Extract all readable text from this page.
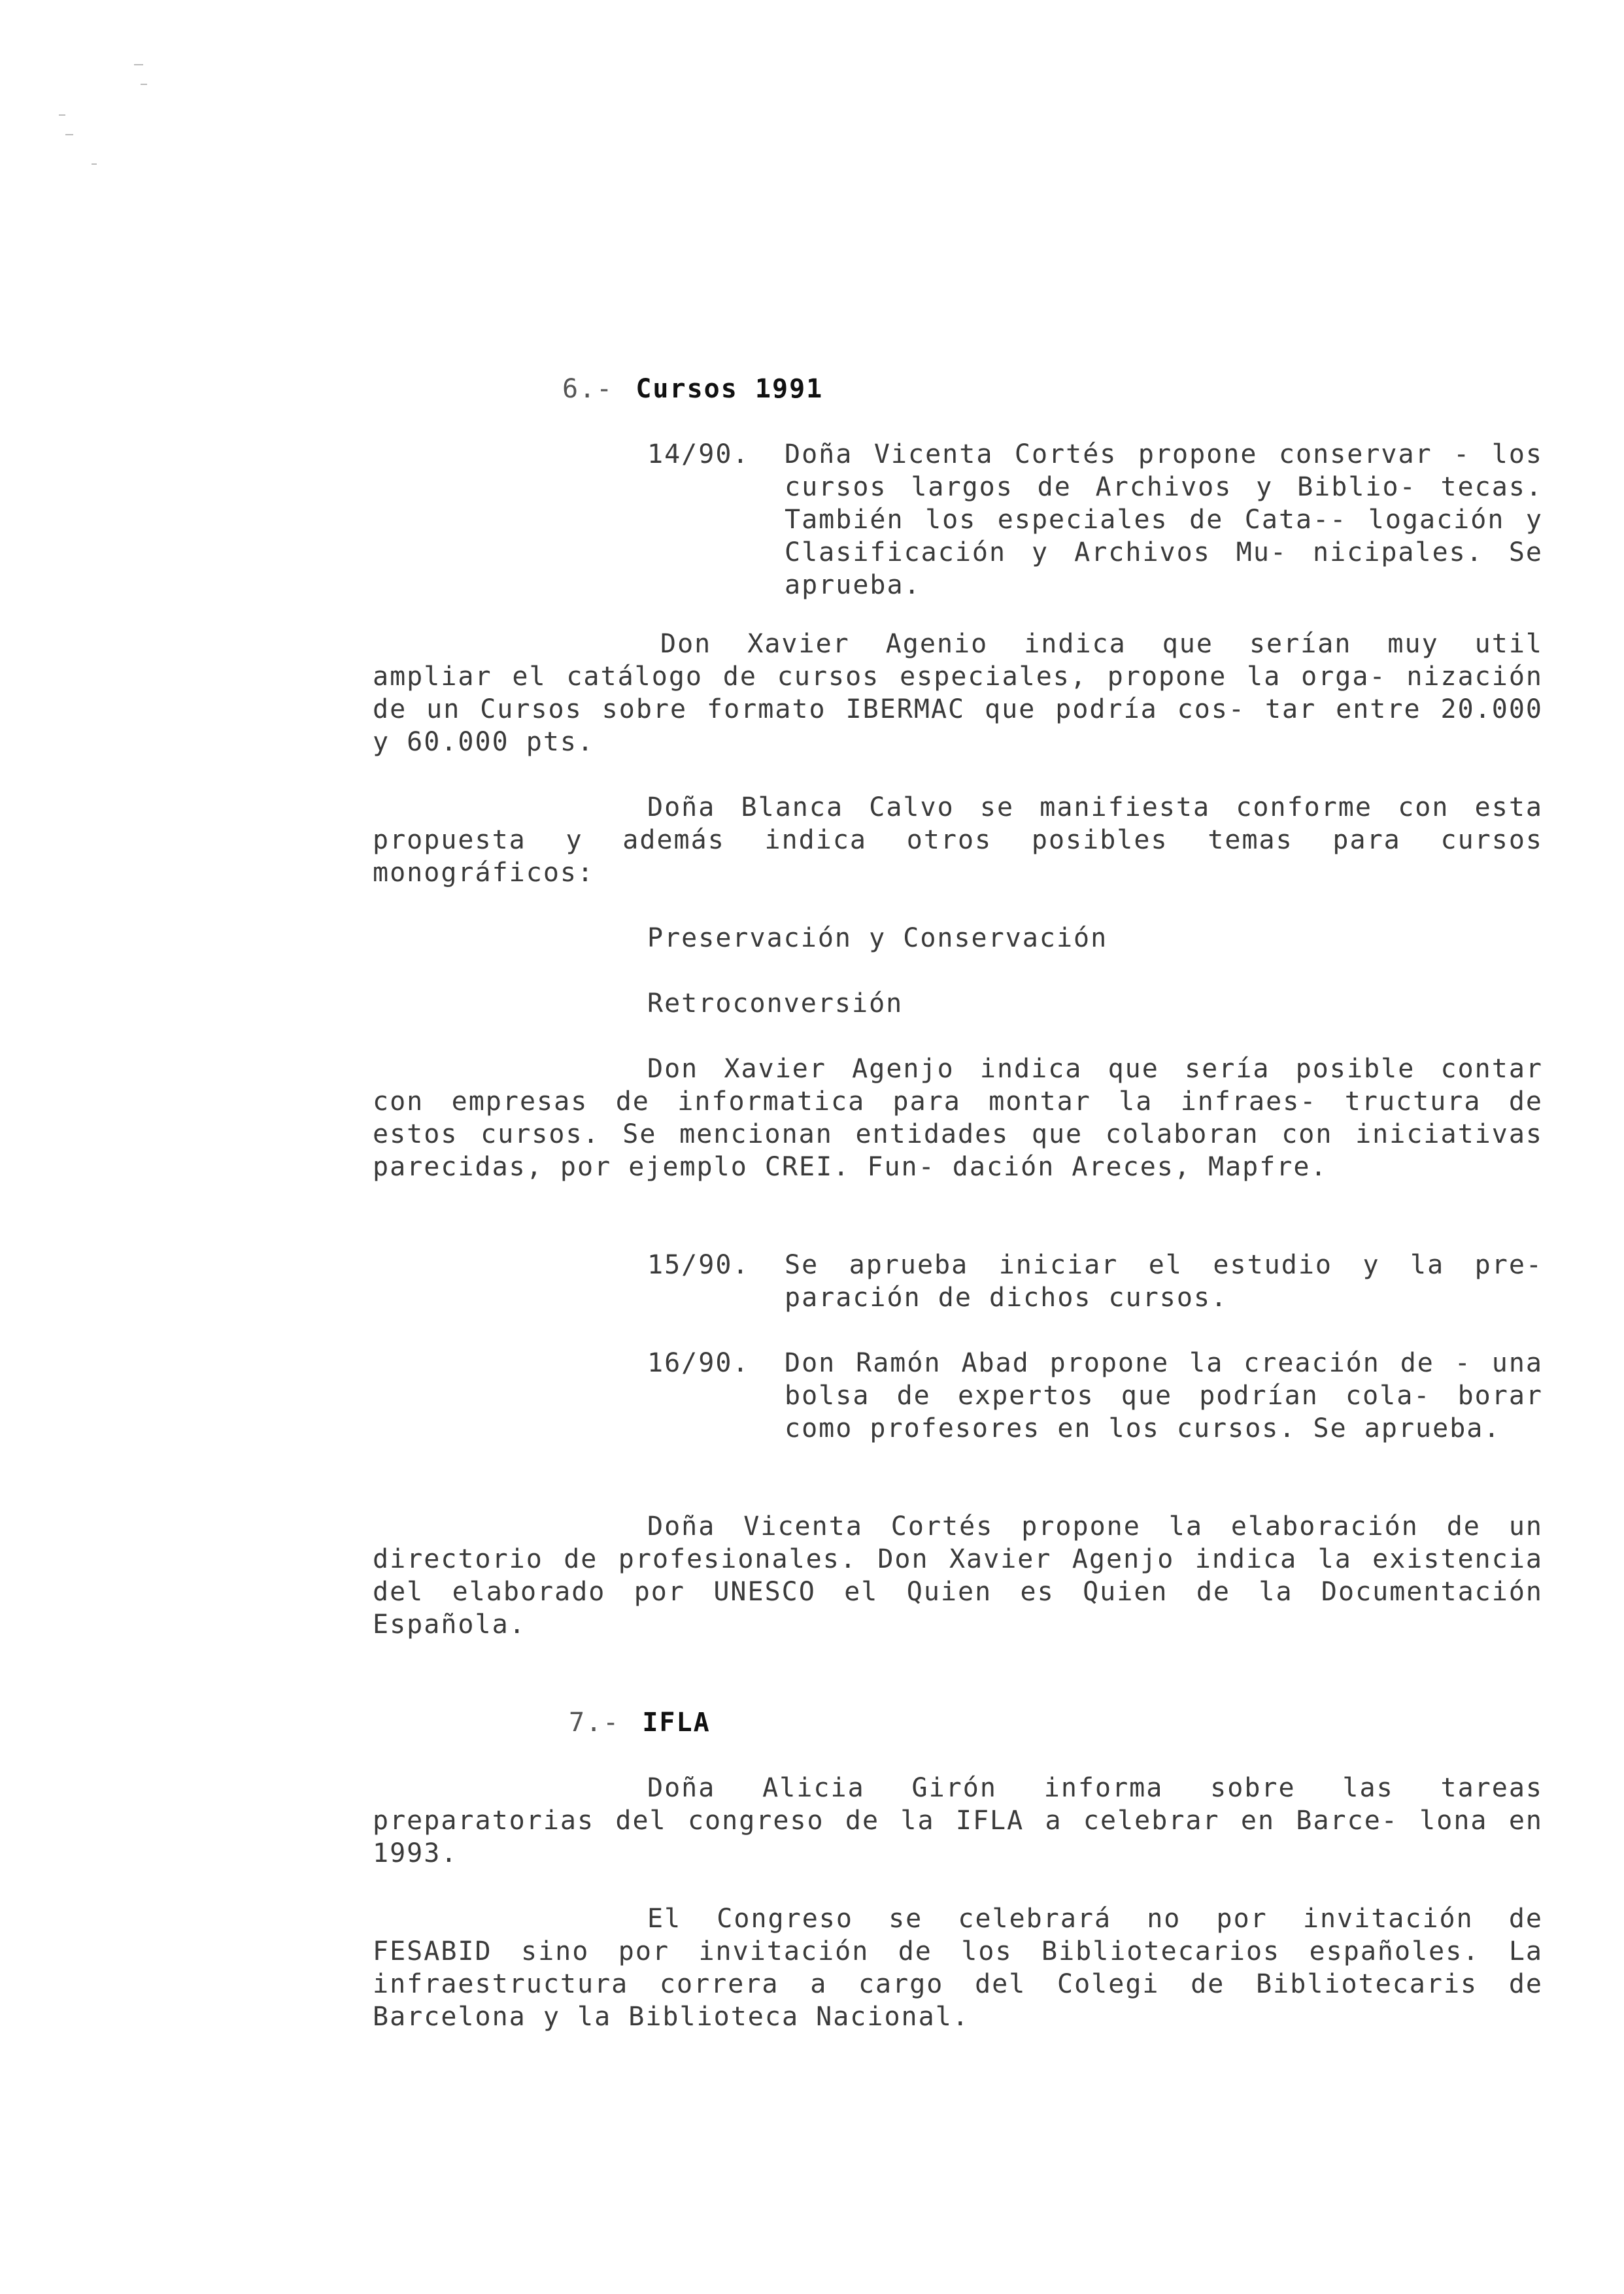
6.- Cursos 1991
14/90. Doña Vicenta Cortés propone conservar - los cursos largos de Archivos y Biblio- tecas. También los especiales de Cata-- logación y Clasificación y Archivos Mu- nicipales. Se aprueba.
Don Xavier Agenio indica que serían muy util ampliar el catálogo de cursos especiales, propone la orga- nización de un Cursos sobre formato IBERMAC que podría cos- tar entre 20.000 y 60.000 pts.
Doña Blanca Calvo se manifiesta conforme con esta propuesta y además indica otros posibles temas para cursos monográficos:
Preservación y Conservación
Retroconversión
Don Xavier Agenjo indica que sería posible contar con empresas de informatica para montar la infraes- tructura de estos cursos. Se mencionan entidades que colaboran con iniciativas parecidas, por ejemplo CREI. Fun- dación Areces, Mapfre.
15/90. Se aprueba iniciar el estudio y la pre- paración de dichos cursos.
16/90. Don Ramón Abad propone la creación de - una bolsa de expertos que podrían cola- borar como profesores en los cursos. Se aprueba.
Doña Vicenta Cortés propone la elaboración de un directorio de profesionales. Don Xavier Agenjo indica la existencia del elaborado por UNESCO el Quien es Quien de la Documentación Española.
7.- IFLA
Doña Alicia Girón informa sobre las tareas preparatorias del congreso de la IFLA a celebrar en Barce- lona en 1993.
El Congreso se celebrará no por invitación de FESABID sino por invitación de los Bibliotecarios españoles. La infraestructura correra a cargo del Colegi de Bibliotecaris de Barcelona y la Biblioteca Nacional.
